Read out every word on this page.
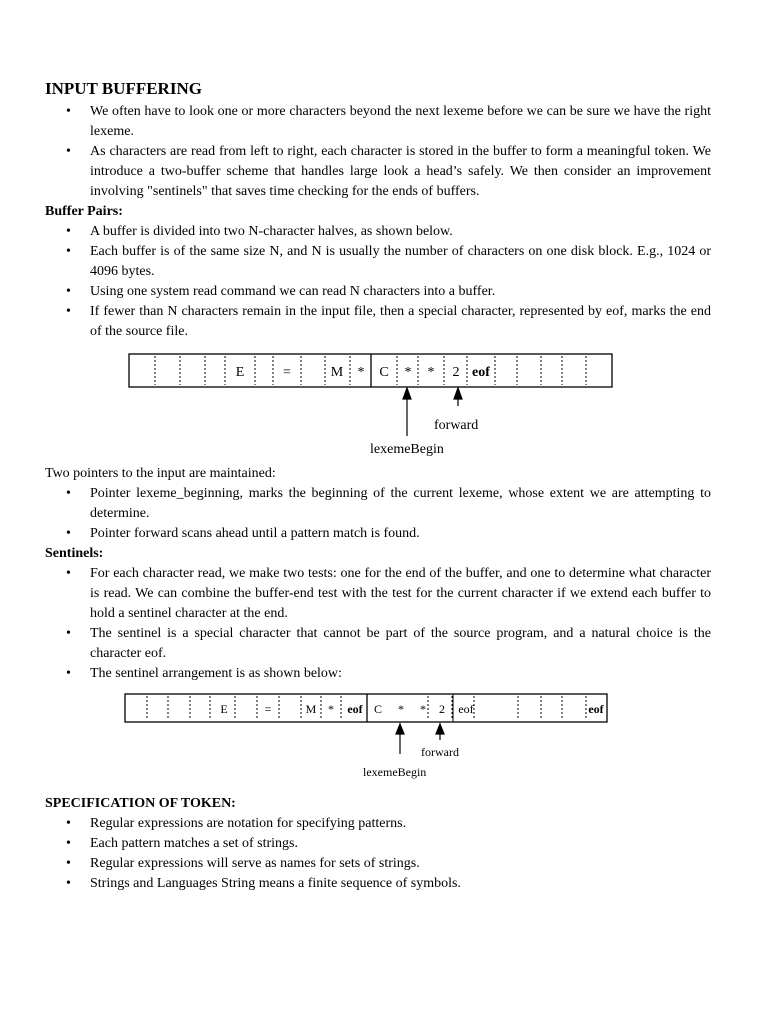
INPUT BUFFERING
• We often have to look one or more characters beyond the next lexeme before we can be sure we have the right lexeme.
• As characters are read from left to right, each character is stored in the buffer to form a meaningful token. We introduce a two-buffer scheme that handles large look a head’s safely. We then consider an improvement involving "sentinels" that saves time checking for the ends of buffers.

Buffer Pairs:

• A buffer is divided into two N-character halves, as shown below.
• Each buffer is of the same size N, and N is usually the number of characters on one disk block. E.g., 1024 or 4096 bytes.
• Using one system read command we can read N characters into a buffer.
• If fewer than N characters remain in the input file, then a special character, represented by eof, marks the end of the source file.
E	=	M * C * * 2 eof
forward
lexemeBegin

Two pointers to the input are maintained:

• Pointer lexeme_beginning, marks the beginning of the current lexeme, whose extent we are attempting to determine.
• Pointer forward scans ahead until a pattern match is found.

Sentinels:

• For each character read, we make two tests: one for the end of the buffer, and one to determine what character is read. We can combine the buffer-end test with the test for the current character if we extend each buffer to hold a sentinel character at the end.
• The sentinel is a special character that cannot be part of the source program, and a natural choice is the character eof.
• The sentinel arrangement is as shown below:
E	=	M * eof C * * 2 eof	eof
forward
lexemeBegin

SPECIFICATION OF TOKEN:

• Regular expressions are notation for specifying patterns.
• Each pattern matches a set of strings.
• Regular expressions will serve as names for sets of strings.
• Strings and Languages String means a finite sequence of symbols.
